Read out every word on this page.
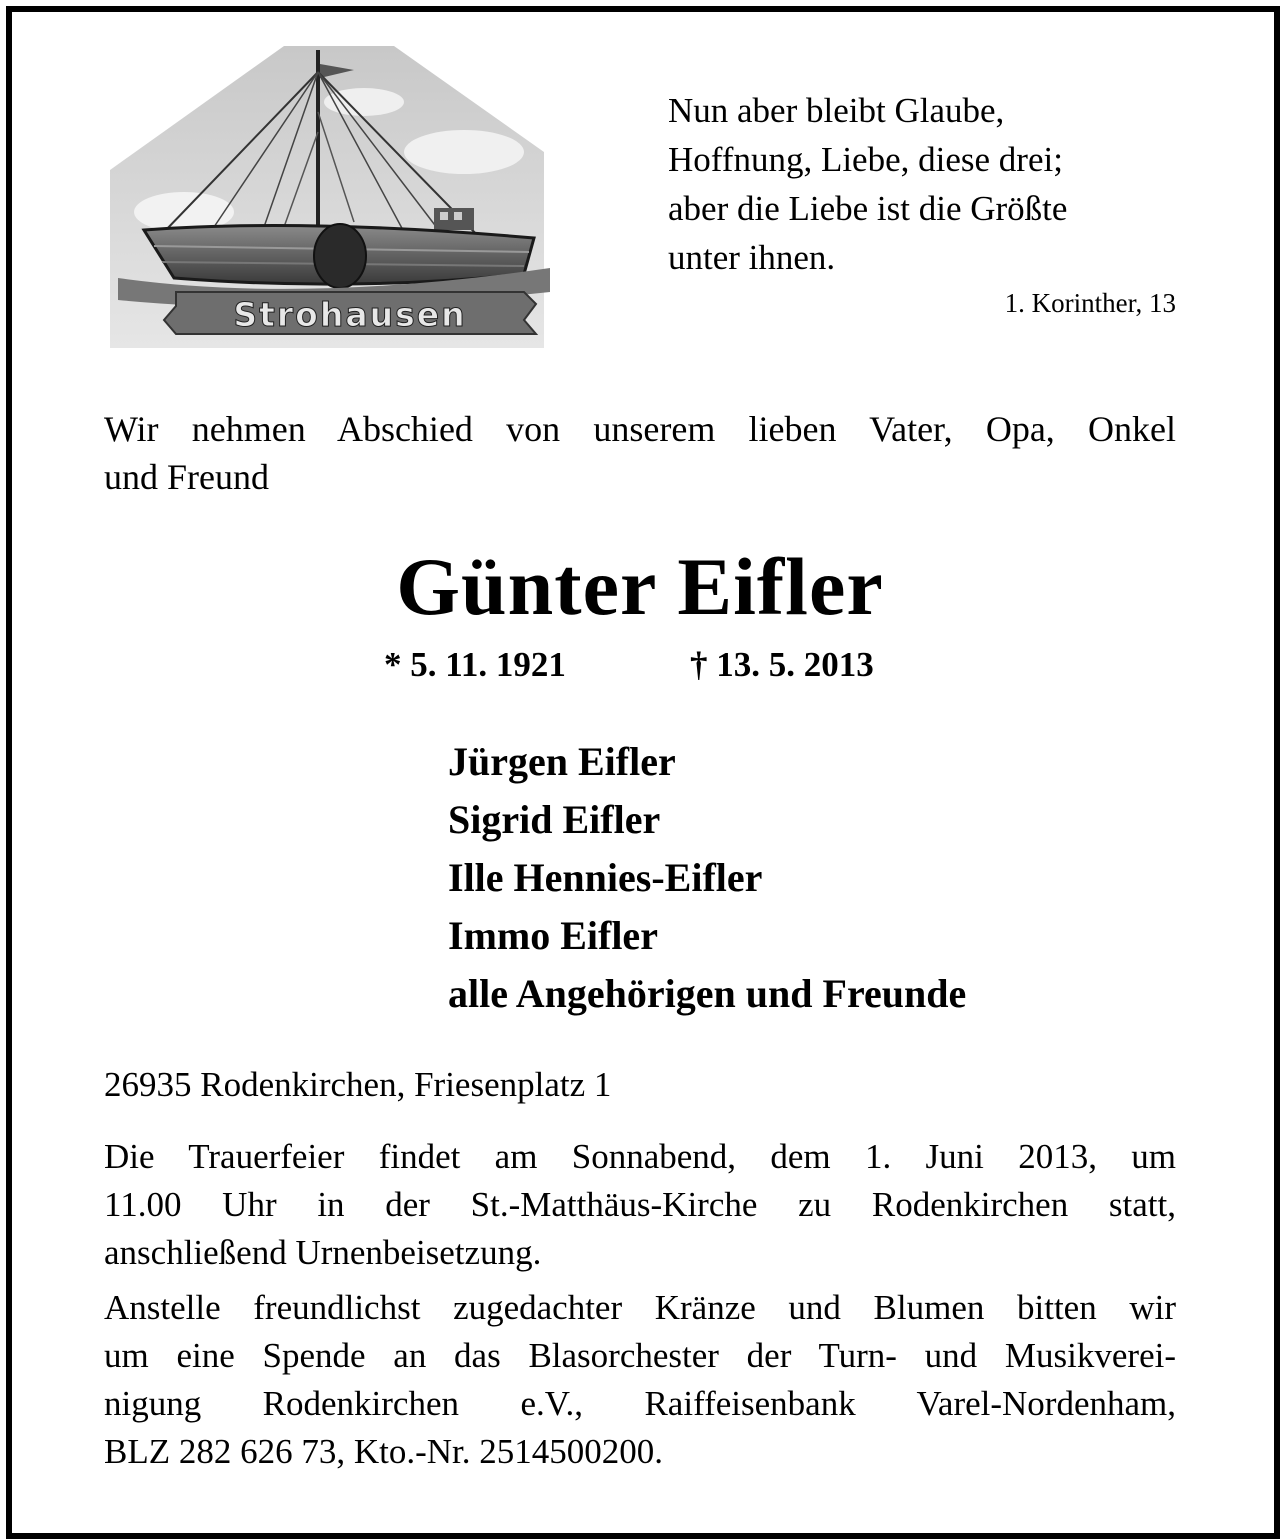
Strohausen
Nun aber bleibt Glaube,
Hoffnung, Liebe, diese drei;
aber die Liebe ist die Größte
unter ihnen.
1. Korinther, 13
Wir nehmen Abschied von unserem lieben Vater, Opa, Onkel
und Freund
Günter Eifler
* 5. 11. 1921	† 13. 5. 2013
Jürgen Eifler
Sigrid Eifler
Ille Hennies-Eifler
Immo Eifler
alle Angehörigen und Freunde
26935 Rodenkirchen, Friesenplatz 1
Die Trauerfeier findet am Sonnabend, dem 1. Juni 2013, um
11.00 Uhr in der St.-Matthäus-Kirche zu Rodenkirchen statt,
anschließend Urnenbeisetzung.
Anstelle freundlichst zugedachter Kränze und Blumen bitten wir
um eine Spende an das Blasorchester der Turn- und Musikverei-
nigung Rodenkirchen e.V., Raiffeisenbank Varel-Nordenham,
BLZ 282 626 73, Kto.-Nr. 2514500200.
